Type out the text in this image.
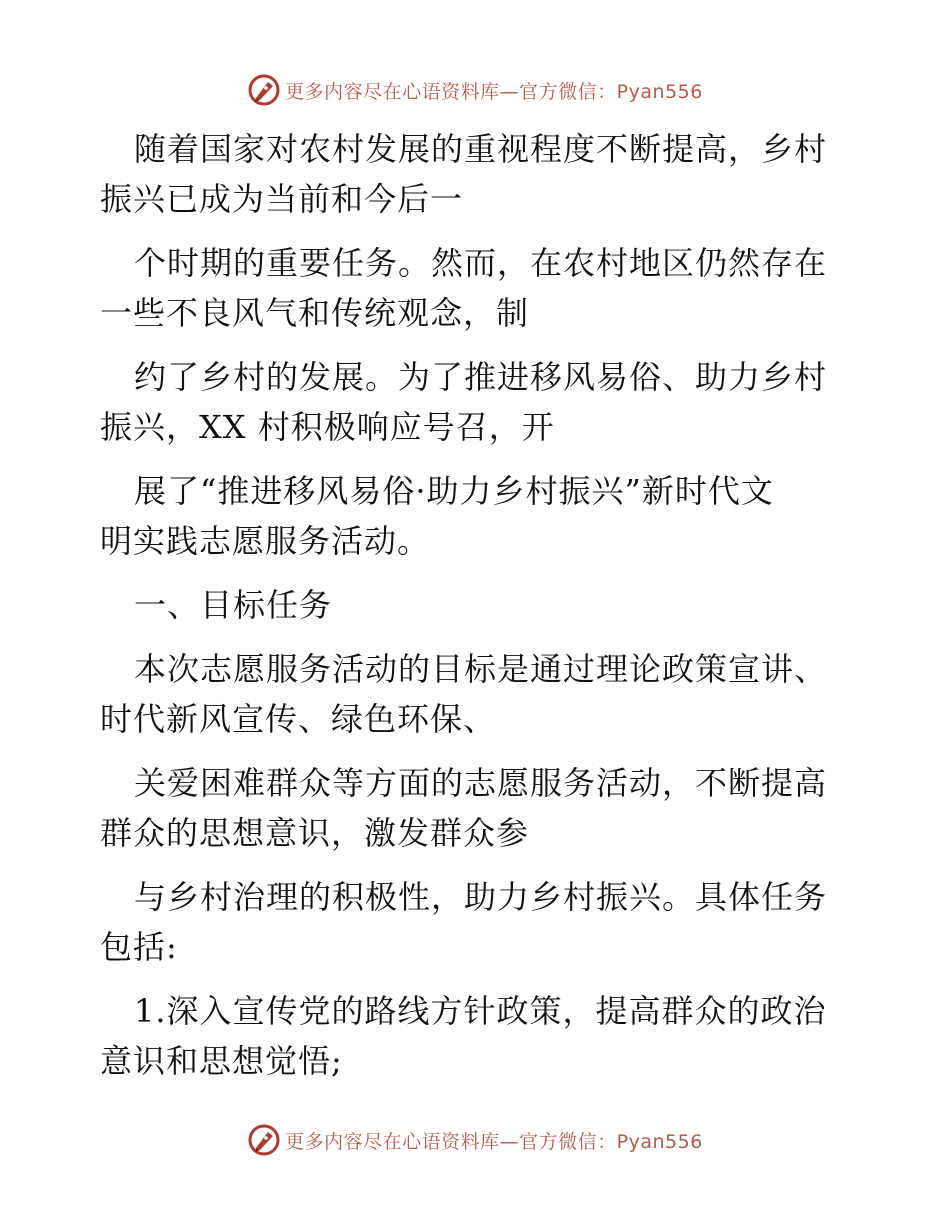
更多内容尽在心语资料库—官方微信：Pyan556
随着国家对农村发展的重视程度不断提高，乡村
振兴已成为当前和今后一
个时期的重要任务。然而，在农村地区仍然存在
一些不良风气和传统观念，制
约了乡村的发展。为了推进移风易俗、助力乡村
振兴，XX 村积极响应号召，开
展了“推进移风易俗·助力乡村振兴”新时代文
明实践志愿服务活动。
一、目标任务
本次志愿服务活动的目标是通过理论政策宣讲、
时代新风宣传、绿色环保、
关爱困难群众等方面的志愿服务活动，不断提高
群众的思想意识，激发群众参
与乡村治理的积极性，助力乡村振兴。具体任务
包括:
1.深入宣传党的路线方针政策，提高群众的政治
意识和思想觉悟;
更多内容尽在心语资料库—官方微信：Pyan556
